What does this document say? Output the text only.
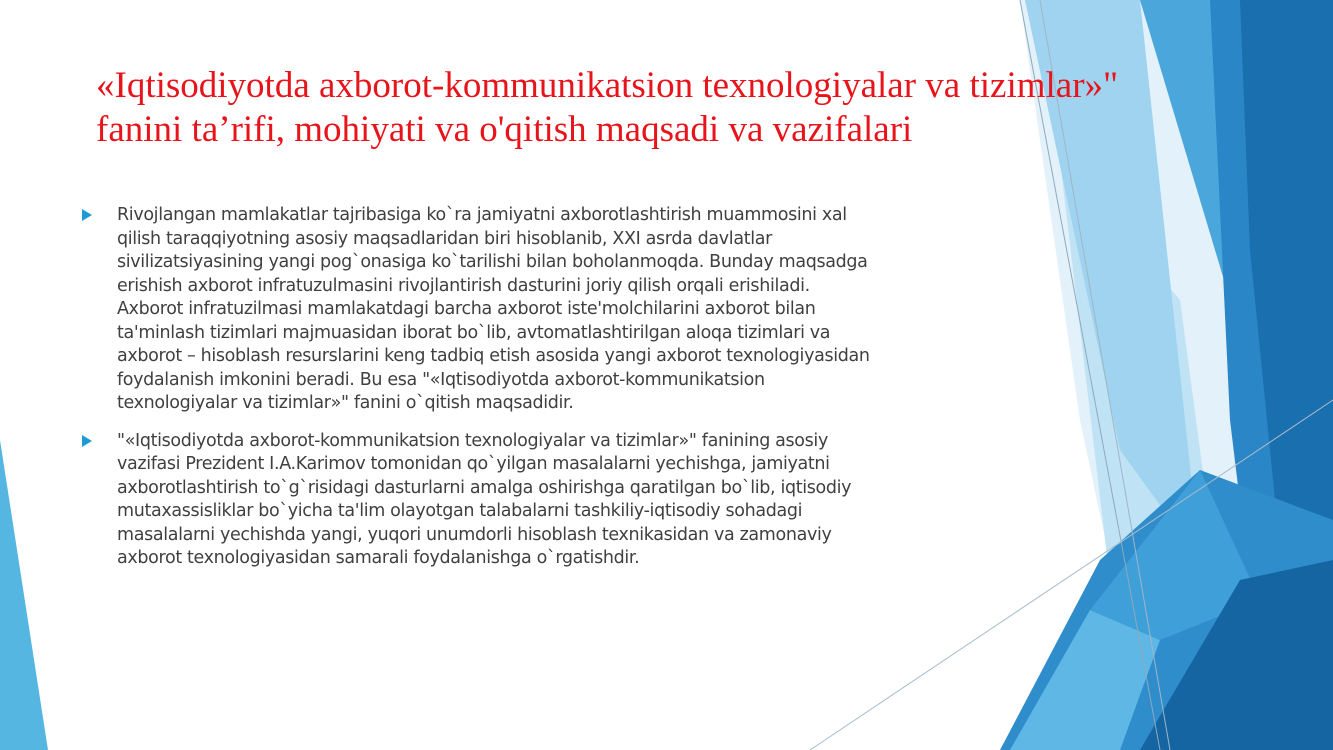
«Iqtisodiyotda axborot-kommunikatsion texnologiyalar va tizimlar»"
fanini ta’rifi, mohiyati va o'qitish maqsadi va vazifalari

Rivojlangan mamlakatlar tajribasiga ko`ra jamiyatni axborotlashtirish muammosini xal
qilish taraqqiyotning asosiy maqsadlaridan biri hisoblanib, XXI asrda davlatlar
sivilizatsiyasining yangi pog`onasiga ko`tarilishi bilan boholanmoqda. Bunday maqsadga
erishish axborot infratuzulmasini rivojlantirish dasturini joriy qilish orqali erishiladi.
Axborot infratuzilmasi mamlakatdagi barcha axborot iste'molchilarini axborot bilan
ta'minlash tizimlari majmuasidan iborat bo`lib, avtomatlashtirilgan aloqa tizimlari va
axborot – hisoblash resurslarini keng tadbiq etish asosida yangi axborot texnologiyasidan
foydalanish imkonini beradi. Bu esa "«Iqtisodiyotda axborot-kommunikatsion
texnologiyalar va tizimlar»" fanini o`qitish maqsadidir.

"«Iqtisodiyotda axborot-kommunikatsion texnologiyalar va tizimlar»" fanining asosiy
vazifasi Prezident I.A.Karimov tomonidan qo`yilgan masalalarni yechishga, jamiyatni
axborotlashtirish to`g`risidagi dasturlarni amalga oshirishga qaratilgan bo`lib, iqtisodiy
mutaxassisliklar bo`yicha ta'lim olayotgan talabalarni tashkiliy-iqtisodiy sohadagi
masalalarni yechishda yangi, yuqori unumdorli hisoblash texnikasidan va zamonaviy
axborot texnologiyasidan samarali foydalanishga o`rgatishdir.
